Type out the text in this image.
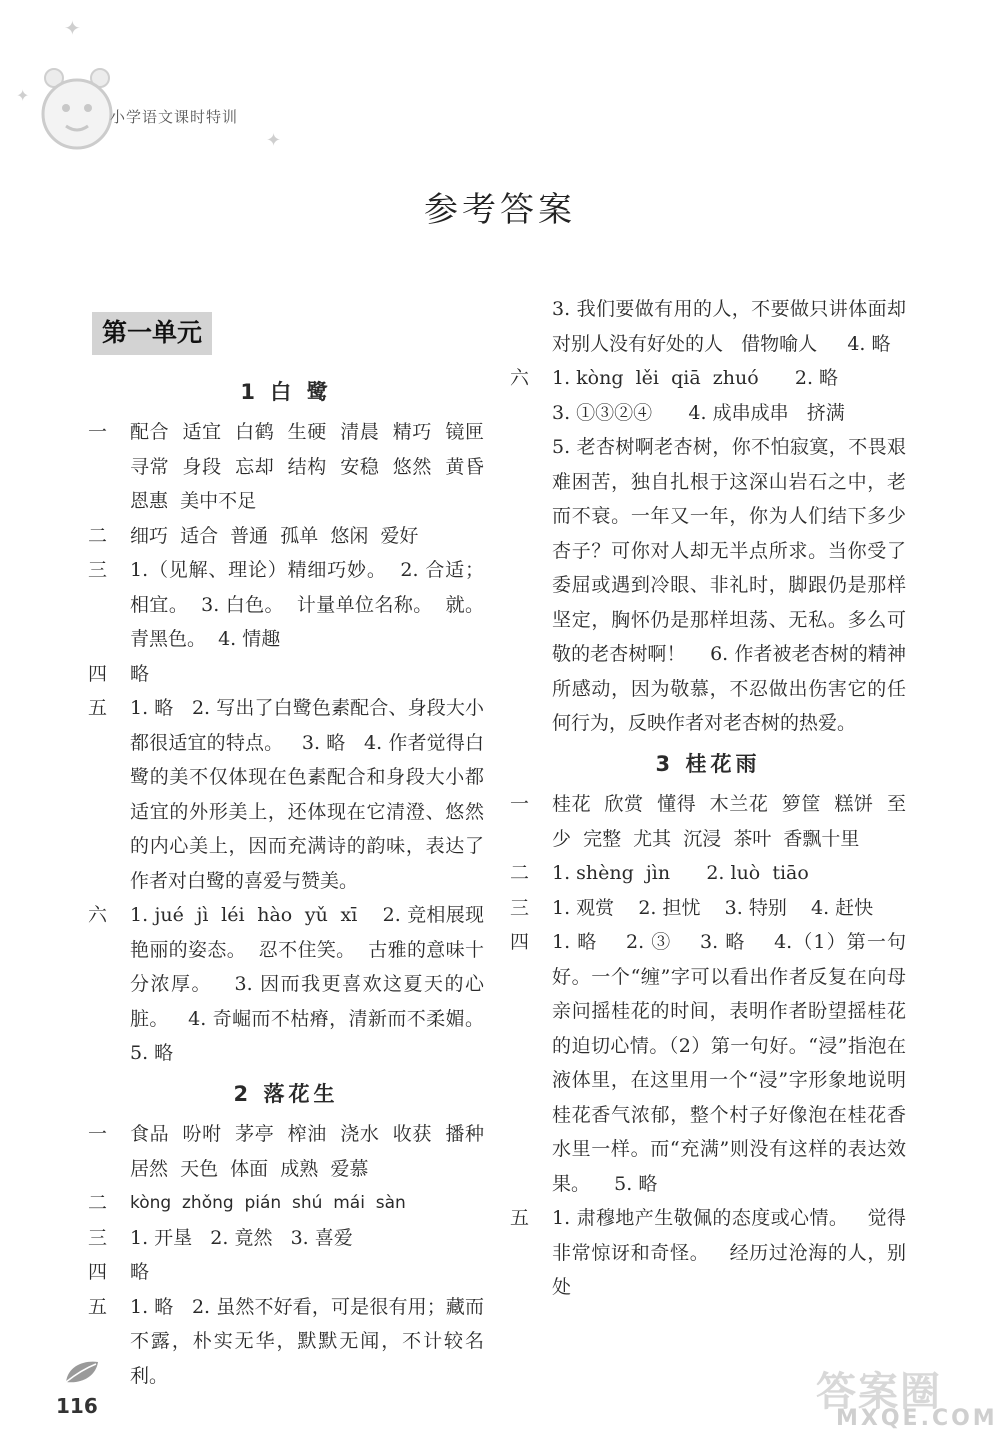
✦
✦
✦
小学语文课时特训
参考答案
第一单元
1 白 鹭
一	配合  适宜  白鹤  生硬  清晨  精巧  镜匣  寻常  身段  忘却  结构  安稳  悠然  黄昏  恩惠  美中不足
二	细巧  适合  普通  孤单  悠闲  爱好
三	1.（见解、理论）精细巧妙。  2. 合适；相宜。  3. 白色。  计量单位名称。  就。  青黑色。  4. 情趣
四	略
五	1. 略   2. 写出了白鹭色素配合、身段大小都很适宜的特点。   3. 略   4. 作者觉得白鹭的美不仅体现在色素配合和身段大小都适宜的外形美上，还体现在它清澄、悠然的内心美上，因而充满诗的韵味，表达了作者对白鹭的喜爱与赞美。
六	1. jué  jì  léi  hào  yǔ  xī    2. 竞相展现艳丽的姿态。  忍不住笑。  古雅的意味十分浓厚。   3. 因而我更喜欢这夏天的心脏。   4. 奇崛而不枯瘠，清新而不柔媚。   5. 略
2 落花生
一	食品  吩咐  茅亭  榨油  浇水  收获  播种  居然  天色  体面  成熟  爱慕
二	kòng  zhǒng  pián  shú  mái  sàn
三	1. 开垦   2. 竟然   3. 喜爱
四	略
五	1. 略   2. 虽然不好看，可是很有用；藏而不露，朴实无华，默默无闻，不计较名利。
3. 我们要做有用的人，不要做只讲体面却对别人没有好处的人   借物喻人     4. 略
六	1. kòng  lěi  qiā  zhuó      2. 略
3. ①③②④      4. 成串成串   挤满
5. 老杏树啊老杏树，你不怕寂寞，不畏艰难困苦，独自扎根于这深山岩石之中，老而不衰。一年又一年，你为人们结下多少杏子？可你对人却无半点所求。当你受了委屈或遇到冷眼、非礼时，脚跟仍是那样坚定，胸怀仍是那样坦荡、无私。多么可敬的老杏树啊！    6. 作者被老杏树的精神所感动，因为敬慕，不忍做出伤害它的任何行为，反映作者对老杏树的热爱。
3 桂花雨
一	桂花  欣赏  懂得  木兰花  箩筐  糕饼  至少  完整  尤其  沉浸  茶叶  香飘十里
二	1. shèng  jìn      2. luò  tiāo
三	1. 观赏    2. 担忧    3. 特别    4. 赶快
四	1. 略    2. ③    3. 略    4.（1）第一句好。一个“缠”字可以看出作者反复在向母亲问摇桂花的时间，表明作者盼望摇桂花的迫切心情。（2）第一句好。“浸”指泡在液体里，在这里用一个“浸”字形象地说明桂花香气浓郁，整个村子好像泡在桂花香水里一样。而“充满”则没有这样的表达效果。    5. 略
五	1. 肃穆地产生敬佩的态度或心情。   觉得非常惊讶和奇怪。   经历过沧海的人，别处
116	答案圈
MXQE.COM
